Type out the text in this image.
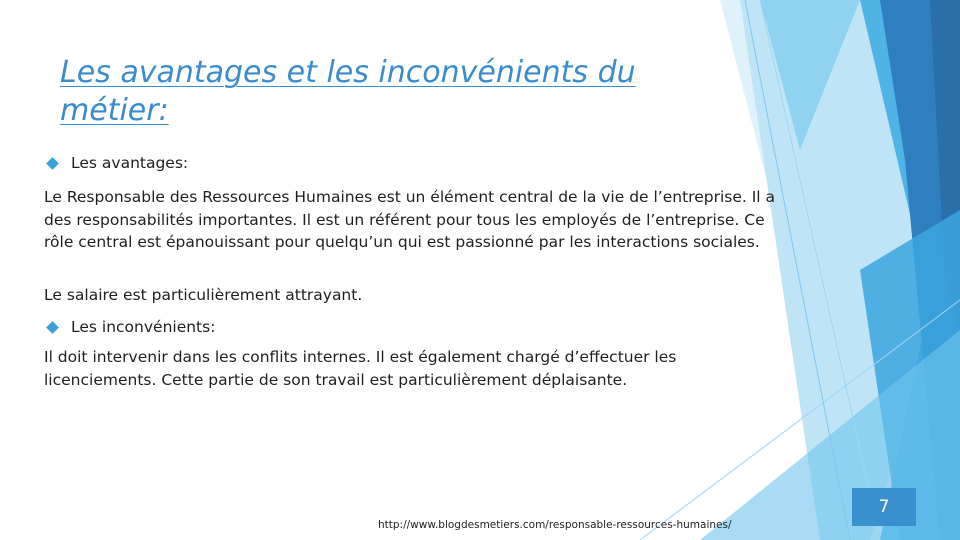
Les avantages et les inconvénients du métier:
Les avantages:

Le Responsable des Ressources Humaines est un élément central de la vie de l’entreprise. Il a des responsabilités importantes. Il est un référent pour tous les employés de l’entreprise. Ce rôle central est épanouissant pour quelqu’un qui est passionné par les interactions sociales.

Le salaire est particulièrement attrayant.

Les inconvénients:

Il doit intervenir dans les conflits internes. Il est également chargé d’effectuer les licenciements. Cette partie de son travail est particulièrement déplaisante.

7
http://www.blogdesmetiers.com/responsable-ressources-humaines/
